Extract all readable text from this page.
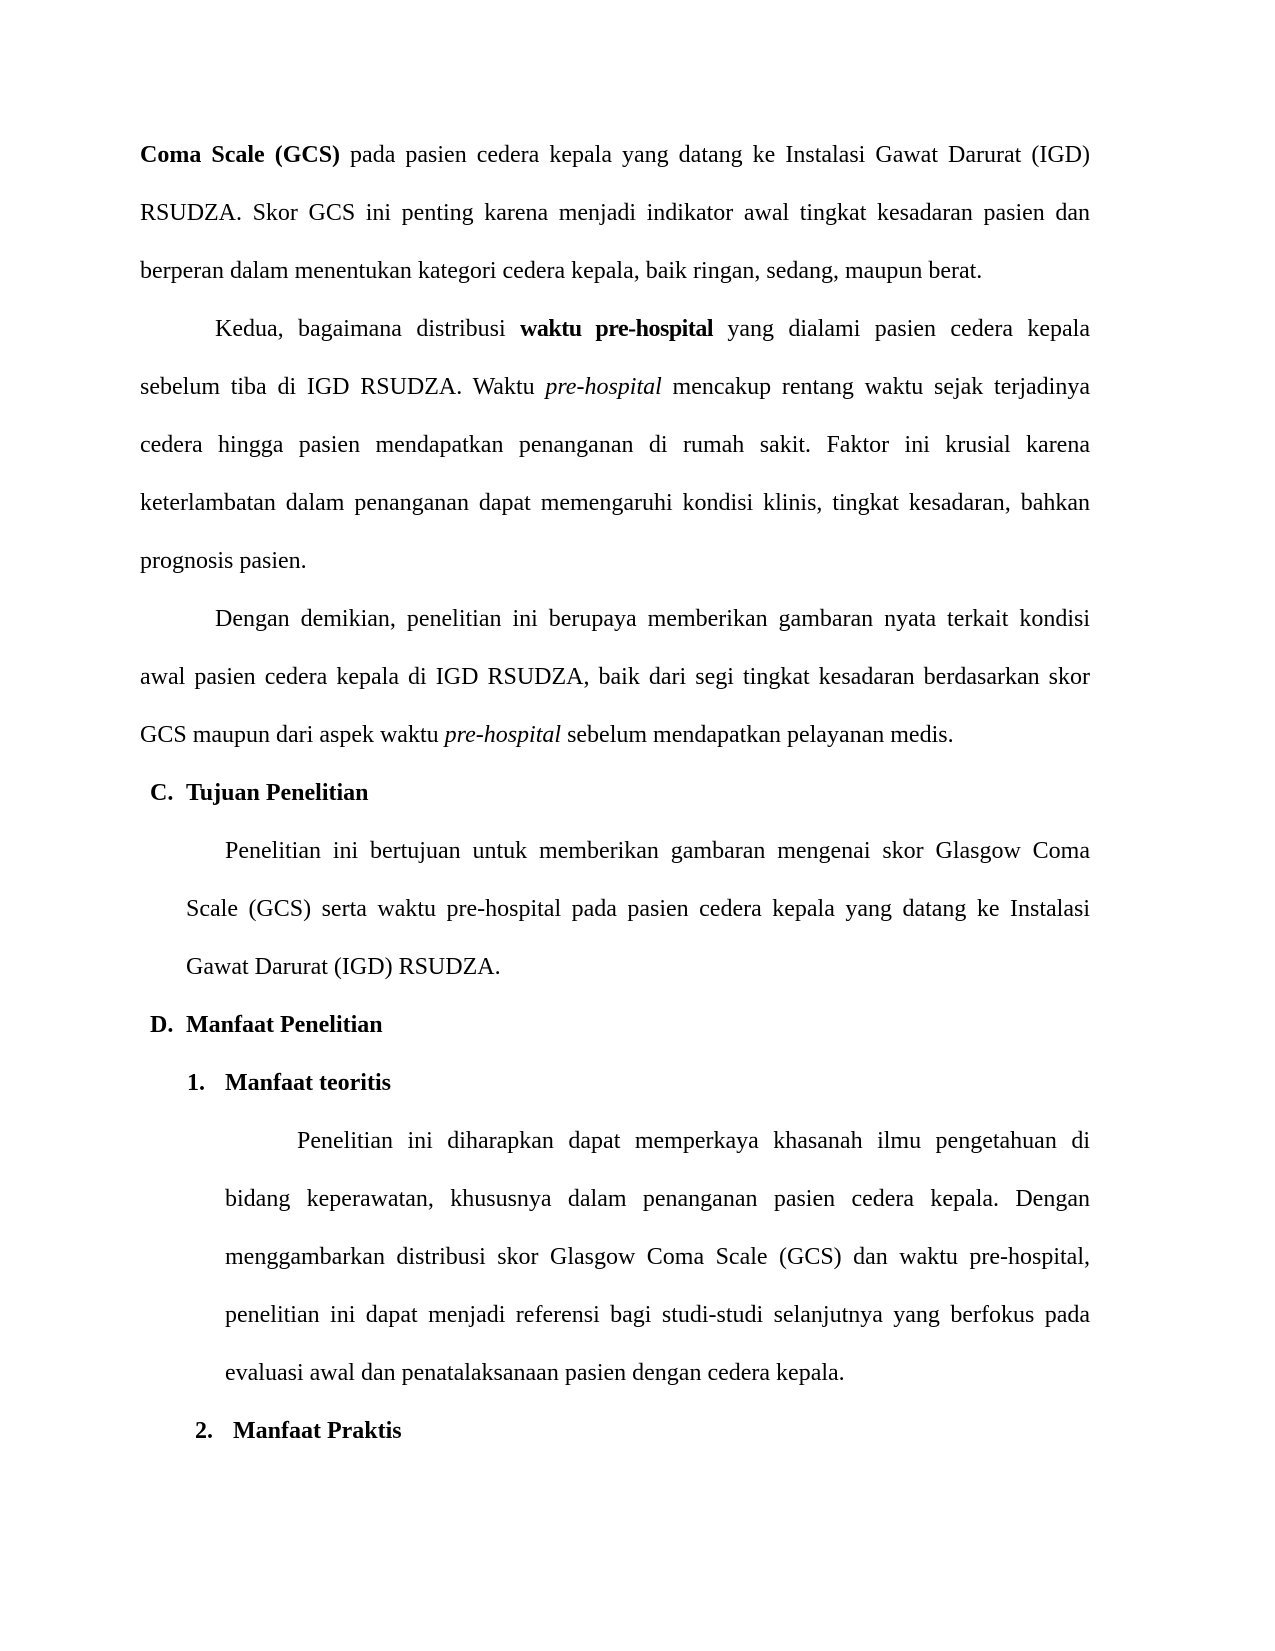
Coma Scale (GCS) pada pasien cedera kepala yang datang ke Instalasi Gawat Darurat (IGD) RSUDZA. Skor GCS ini penting karena menjadi indikator awal tingkat kesadaran pasien dan berperan dalam menentukan kategori cedera kepala, baik ringan, sedang, maupun berat.

Kedua, bagaimana distribusi waktu pre-hospital yang dialami pasien cedera kepala sebelum tiba di IGD RSUDZA. Waktu pre-hospital mencakup rentang waktu sejak terjadinya cedera hingga pasien mendapatkan penanganan di rumah sakit. Faktor ini krusial karena keterlambatan dalam penanganan dapat memengaruhi kondisi klinis, tingkat kesadaran, bahkan prognosis pasien.

Dengan demikian, penelitian ini berupaya memberikan gambaran nyata terkait kondisi awal pasien cedera kepala di IGD RSUDZA, baik dari segi tingkat kesadaran berdasarkan skor GCS maupun dari aspek waktu pre-hospital sebelum mendapatkan pelayanan medis.

C. Tujuan Penelitian

Penelitian ini bertujuan untuk memberikan gambaran mengenai skor Glasgow Coma Scale (GCS) serta waktu pre-hospital pada pasien cedera kepala yang datang ke Instalasi Gawat Darurat (IGD) RSUDZA.

D. Manfaat Penelitian
1. Manfaat teoritis

Penelitian ini diharapkan dapat memperkaya khasanah ilmu pengetahuan di bidang keperawatan, khususnya dalam penanganan pasien cedera kepala. Dengan menggambarkan distribusi skor Glasgow Coma Scale (GCS) dan waktu pre-hospital, penelitian ini dapat menjadi referensi bagi studi-studi selanjutnya yang berfokus pada evaluasi awal dan penatalaksanaan pasien dengan cedera kepala.

2. Manfaat Praktis
